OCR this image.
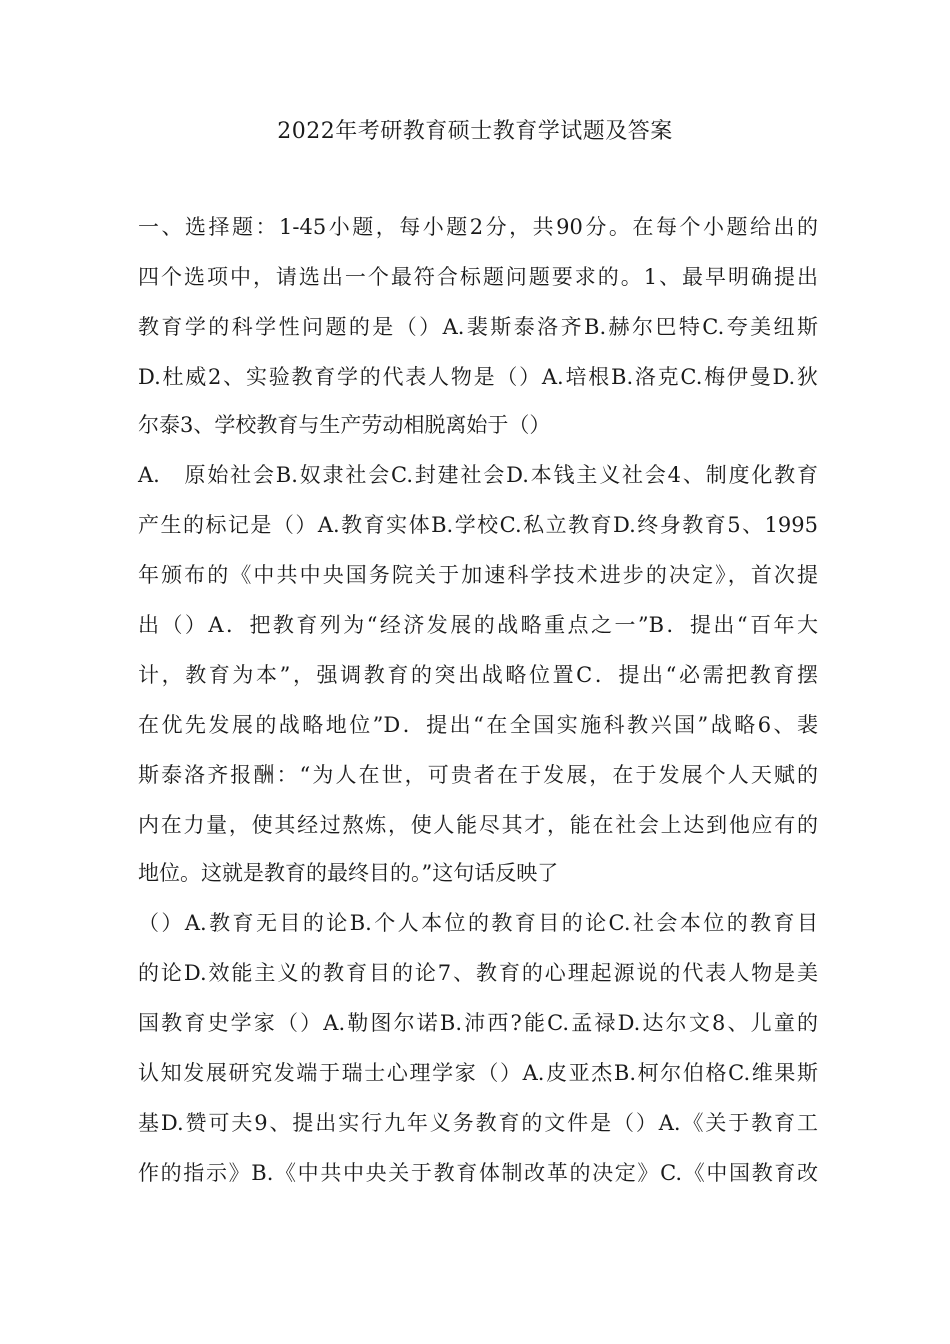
2022年考研教育硕士教育学试题及答案
一、选择题：1-45小题，每小题2分，共90分。在每个小题给出的
四个选项中，请选出一个最符合标题问题要求的。1、最早明确提出
教育学的科学性问题的是（）A.裴斯泰洛齐B.赫尔巴特C.夸美纽斯
D.杜威2、实验教育学的代表人物是（）A.培根B.洛克C.梅伊曼D.狄
尔泰3、学校教育与生产劳动相脱离始于（）
A.　原始社会B.奴隶社会C.封建社会D.本钱主义社会4、制度化教育
产生的标记是（）A.教育实体B.学校C.私立教育D.终身教育5、1995
年颁布的《中共中央国务院关于加速科学技术进步的决定》，首次提
出（）A．把教育列为“经济发展的战略重点之一”B．提出“百年大
计，教育为本”，强调教育的突出战略位置C．提出“必需把教育摆
在优先发展的战略地位”D．提出“在全国实施科教兴国”战略6、裴
斯泰洛齐报酬：“为人在世，可贵者在于发展，在于发展个人天赋的
内在力量，使其经过熬炼，使人能尽其才，能在社会上达到他应有的
地位。这就是教育的最终目的。”这句话反映了
（）A.教育无目的论B.个人本位的教育目的论C.社会本位的教育目
的论D.效能主义的教育目的论7、教育的心理起源说的代表人物是美
国教育史学家（）A.勒图尔诺B.沛西?能C.孟禄D.达尔文8、儿童的
认知发展研究发端于瑞士心理学家（）A.皮亚杰B.柯尔伯格C.维果斯
基D.赞可夫9、提出实行九年义务教育的文件是（）A.《关于教育工
作的指示》B.《中共中央关于教育体制改革的决定》C.《中国教育改
